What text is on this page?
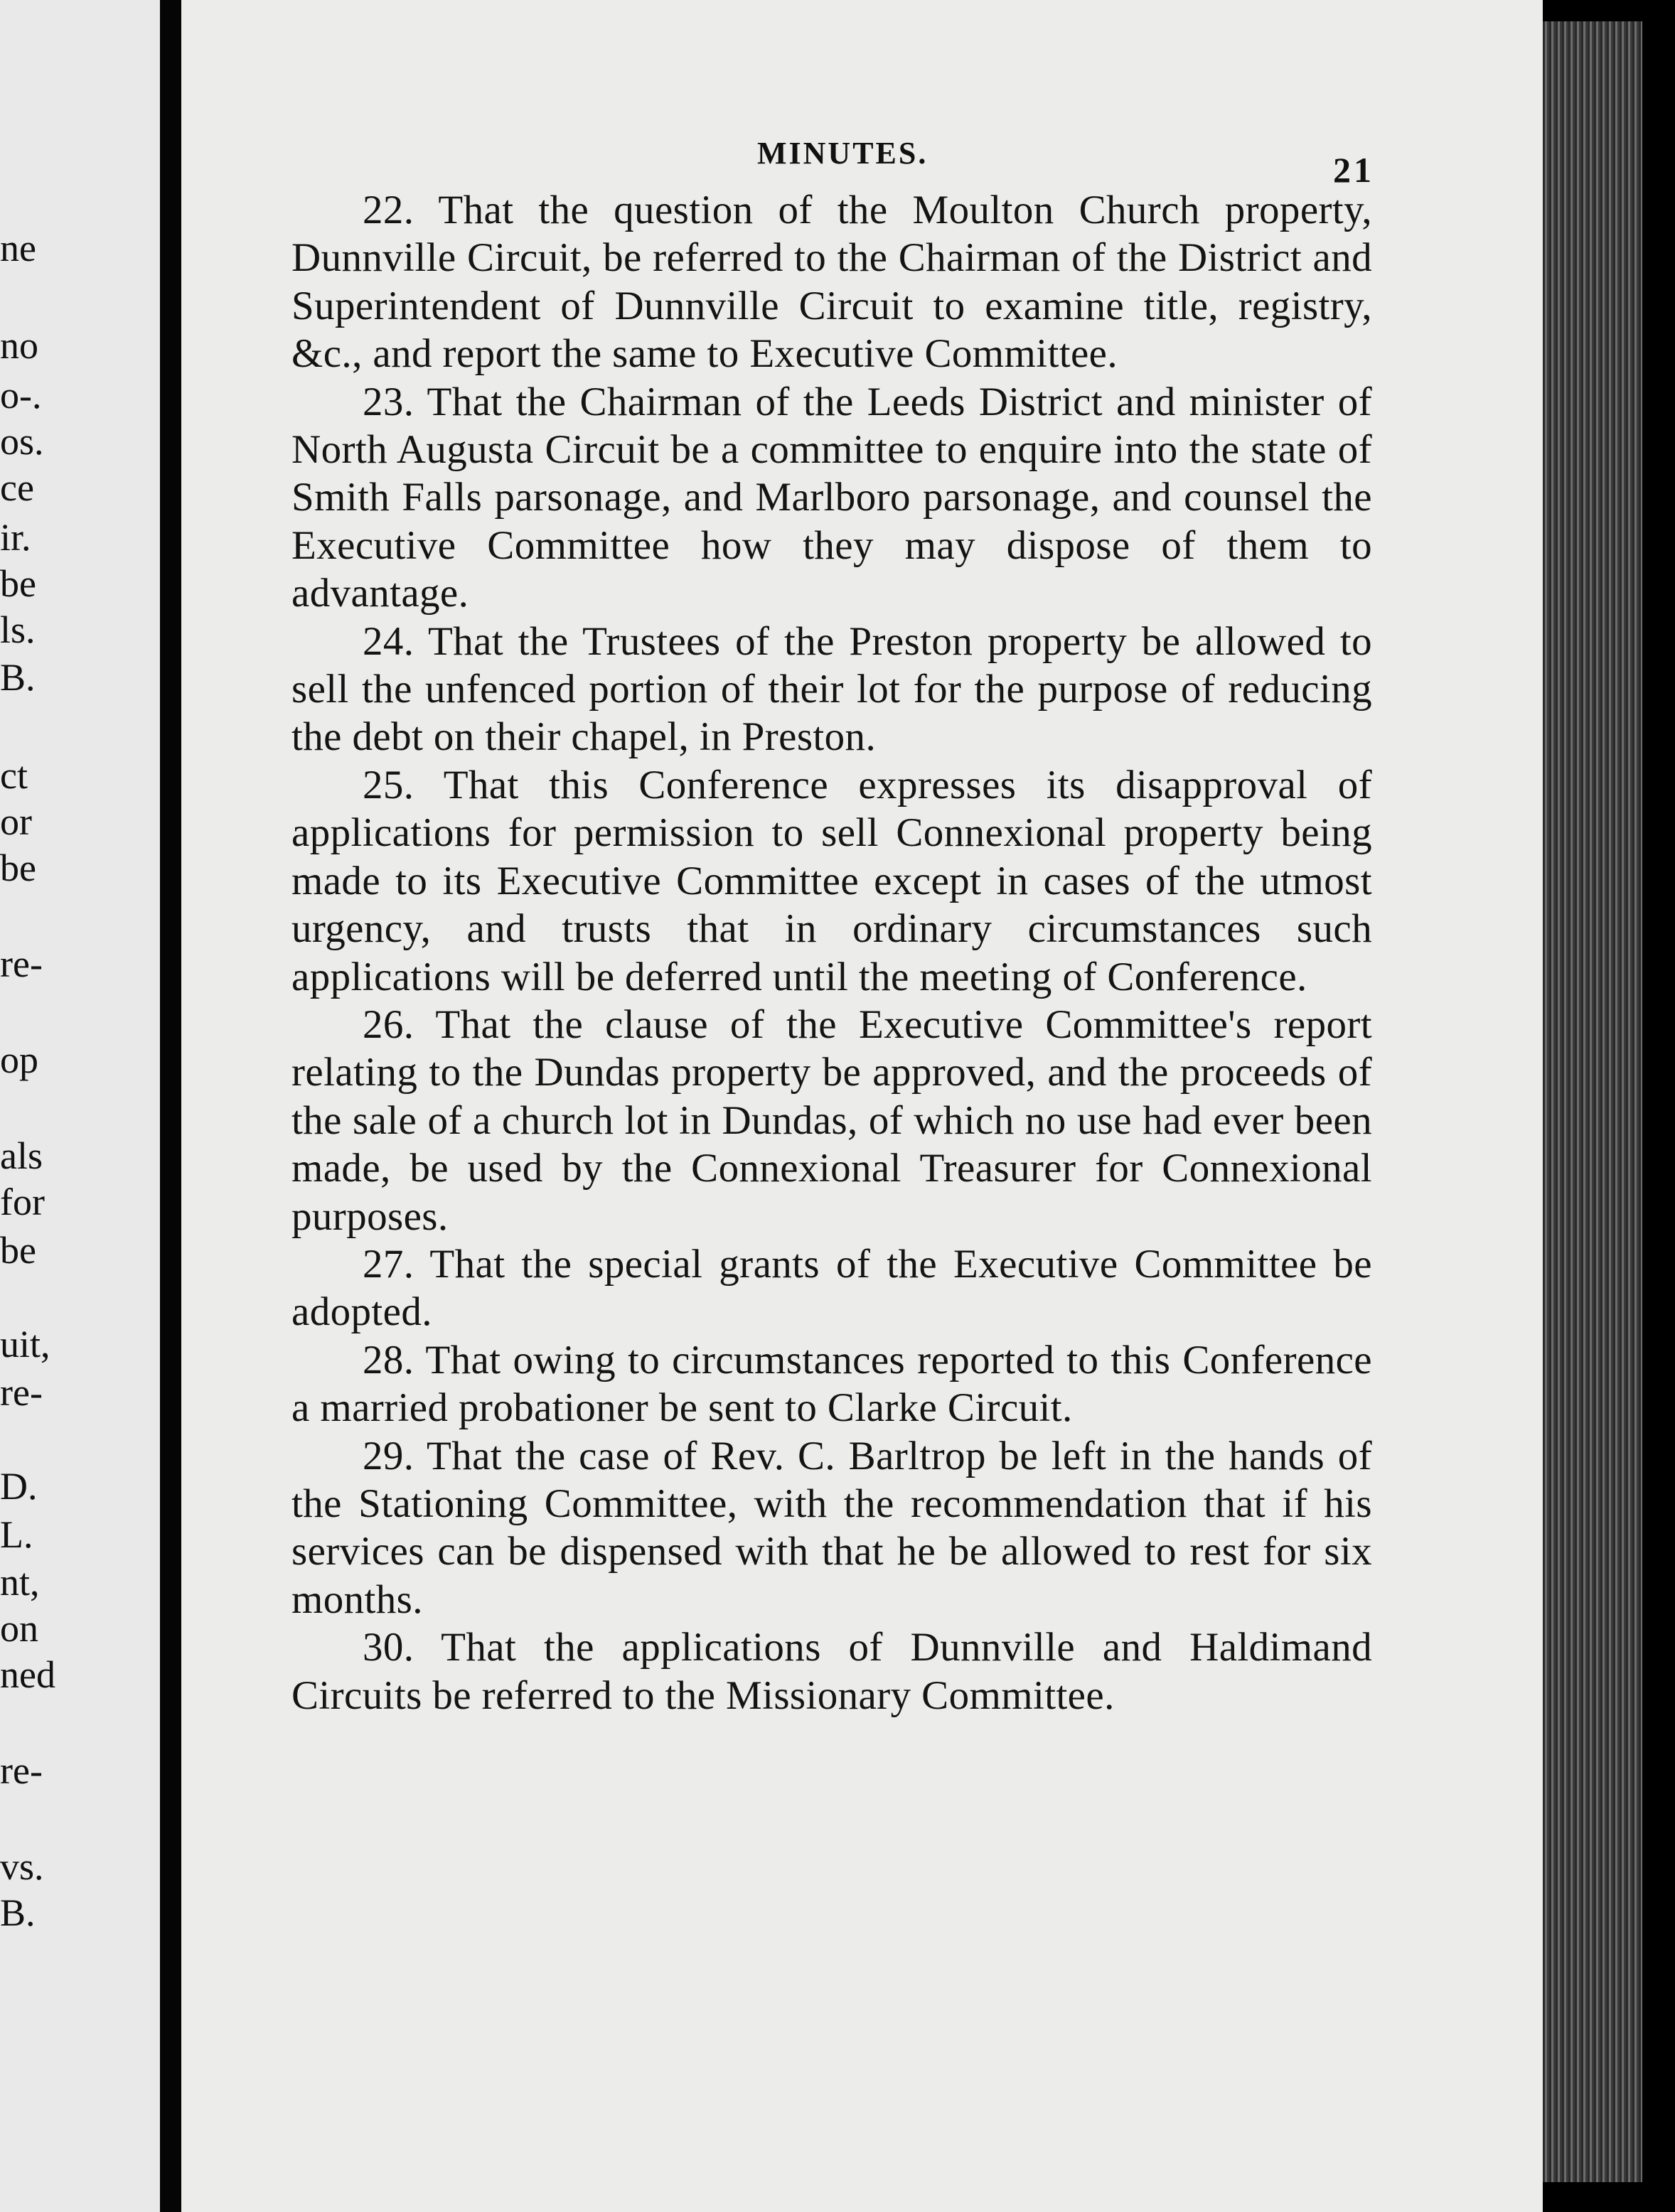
ne
no
o-.
os.
ce
ir.
be
ls.
B.
ct
or
be
re-
op
als
for
be
uit,
re-
D.
L.
nt,
on
ned
re-
vs.
B.
MINUTES.	21

22. That the question of the Moulton Church property, Dunnville Circuit, be referred to the Chairman of the District and Superintendent of Dunnville Circuit to examine title, registry, &c., and report the same to Executive Committee.

23. That the Chairman of the Leeds District and minister of North Augusta Circuit be a committee to enquire into the state of Smith Falls parsonage, and Marlboro parsonage, and counsel the Executive Committee how they may dispose of them to advantage.

24. That the Trustees of the Preston property be allowed to sell the unfenced portion of their lot for the purpose of reducing the debt on their chapel, in Preston.

25. That this Conference expresses its disapproval of applications for permission to sell Connexional property being made to its Executive Committee except in cases of the utmost urgency, and trusts that in ordinary circumstances such applications will be deferred until the meeting of Conference.

26. That the clause of the Executive Committee's report relating to the Dundas property be approved, and the proceeds of the sale of a church lot in Dundas, of which no use had ever been made, be used by the Connexional Treasurer for Connexional purposes.

27. That the special grants of the Executive Committee be adopted.

28. That owing to circumstances reported to this Conference a married probationer be sent to Clarke Circuit.

29. That the case of Rev. C. Barltrop be left in the hands of the Stationing Committee, with the recommendation that if his services can be dispensed with that he be allowed to rest for six months.

30. That the applications of Dunnville and Haldimand Circuits be referred to the Missionary Committee.
